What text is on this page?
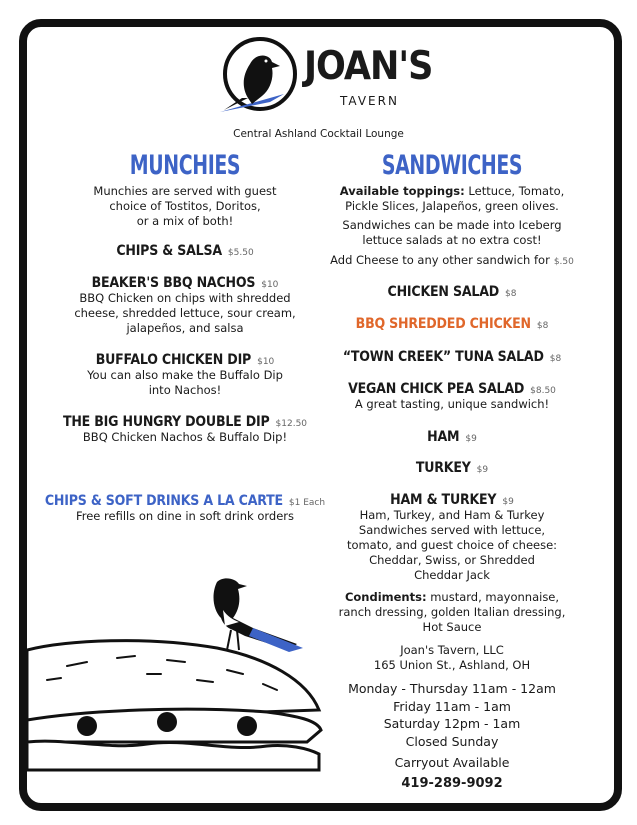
JOAN'S
TAVERN
Central Ashland Cocktail Lounge
MUNCHIES
Munchies are served with guest
choice of Tostitos, Doritos,
or a mix of both!
CHIPS & SALSA $5.50
BEAKER'S BBQ NACHOS $10
BBQ Chicken on chips with shredded
cheese, shredded lettuce, sour cream,
jalapeños, and salsa
BUFFALO CHICKEN DIP $10
You can also make the Buffalo Dip
into Nachos!
THE BIG HUNGRY DOUBLE DIP $12.50
BBQ Chicken Nachos & Buffalo Dip!
CHIPS & SOFT DRINKS A LA CARTE $1 Each
Free refills on dine in soft drink orders
SANDWICHES
Available toppings: Lettuce, Tomato,
Pickle Slices, Jalapeños, green olives.
Sandwiches can be made into Iceberg
lettuce salads at no extra cost!
Add Cheese to any other sandwich for $.50
CHICKEN SALAD $8
BBQ SHREDDED CHICKEN $8
“TOWN CREEK” TUNA SALAD $8
VEGAN CHICK PEA SALAD $8.50
A great tasting, unique sandwich!
HAM $9
TURKEY $9
HAM & TURKEY $9
Ham, Turkey, and Ham & Turkey
Sandwiches served with lettuce,
tomato, and guest choice of cheese:
Cheddar, Swiss, or Shredded
Cheddar Jack
Condiments: mustard, mayonnaise,
ranch dressing, golden Italian dressing,
Hot Sauce
Joan's Tavern, LLC
165 Union St., Ashland, OH
Monday - Thursday 11am - 12am
Friday 11am - 1am
Saturday 12pm - 1am
Closed Sunday
Carryout Available
419-289-9092
